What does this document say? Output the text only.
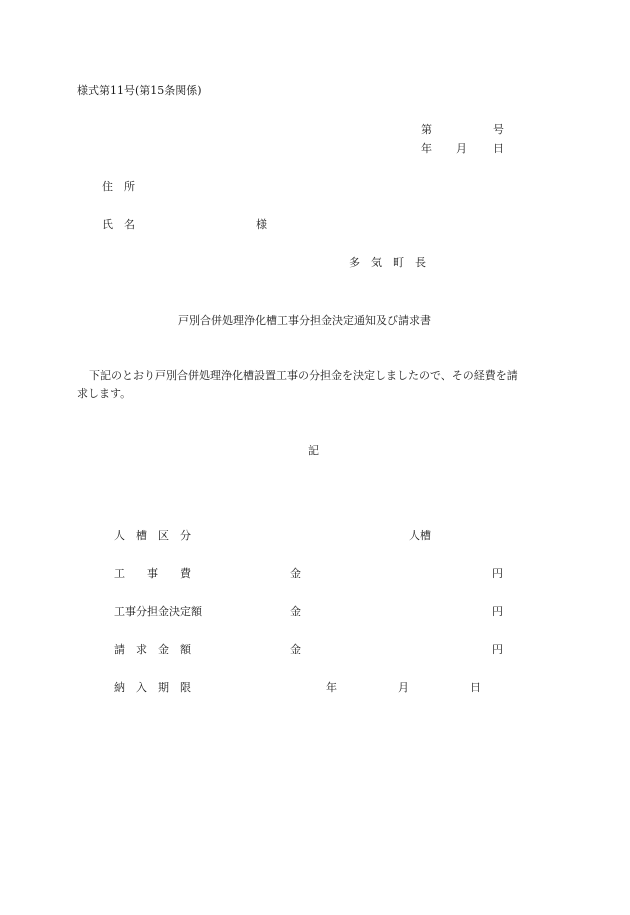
様式第11号(第15条関係)
第	号
年 月 日
住　所
氏　名	様
多　気　町　長
戸別合併処理浄化槽工事分担金決定通知及び請求書
下記のとおり戸別合併処理浄化槽設置工事の分担金を決定しましたので、その経費を請
求します。
記
人　槽　区　分	人槽
工　　事　　費	金	円
工事分担金決定額	金	円
請　求　金　額	金	円
納　入　期　限	年	月	日
